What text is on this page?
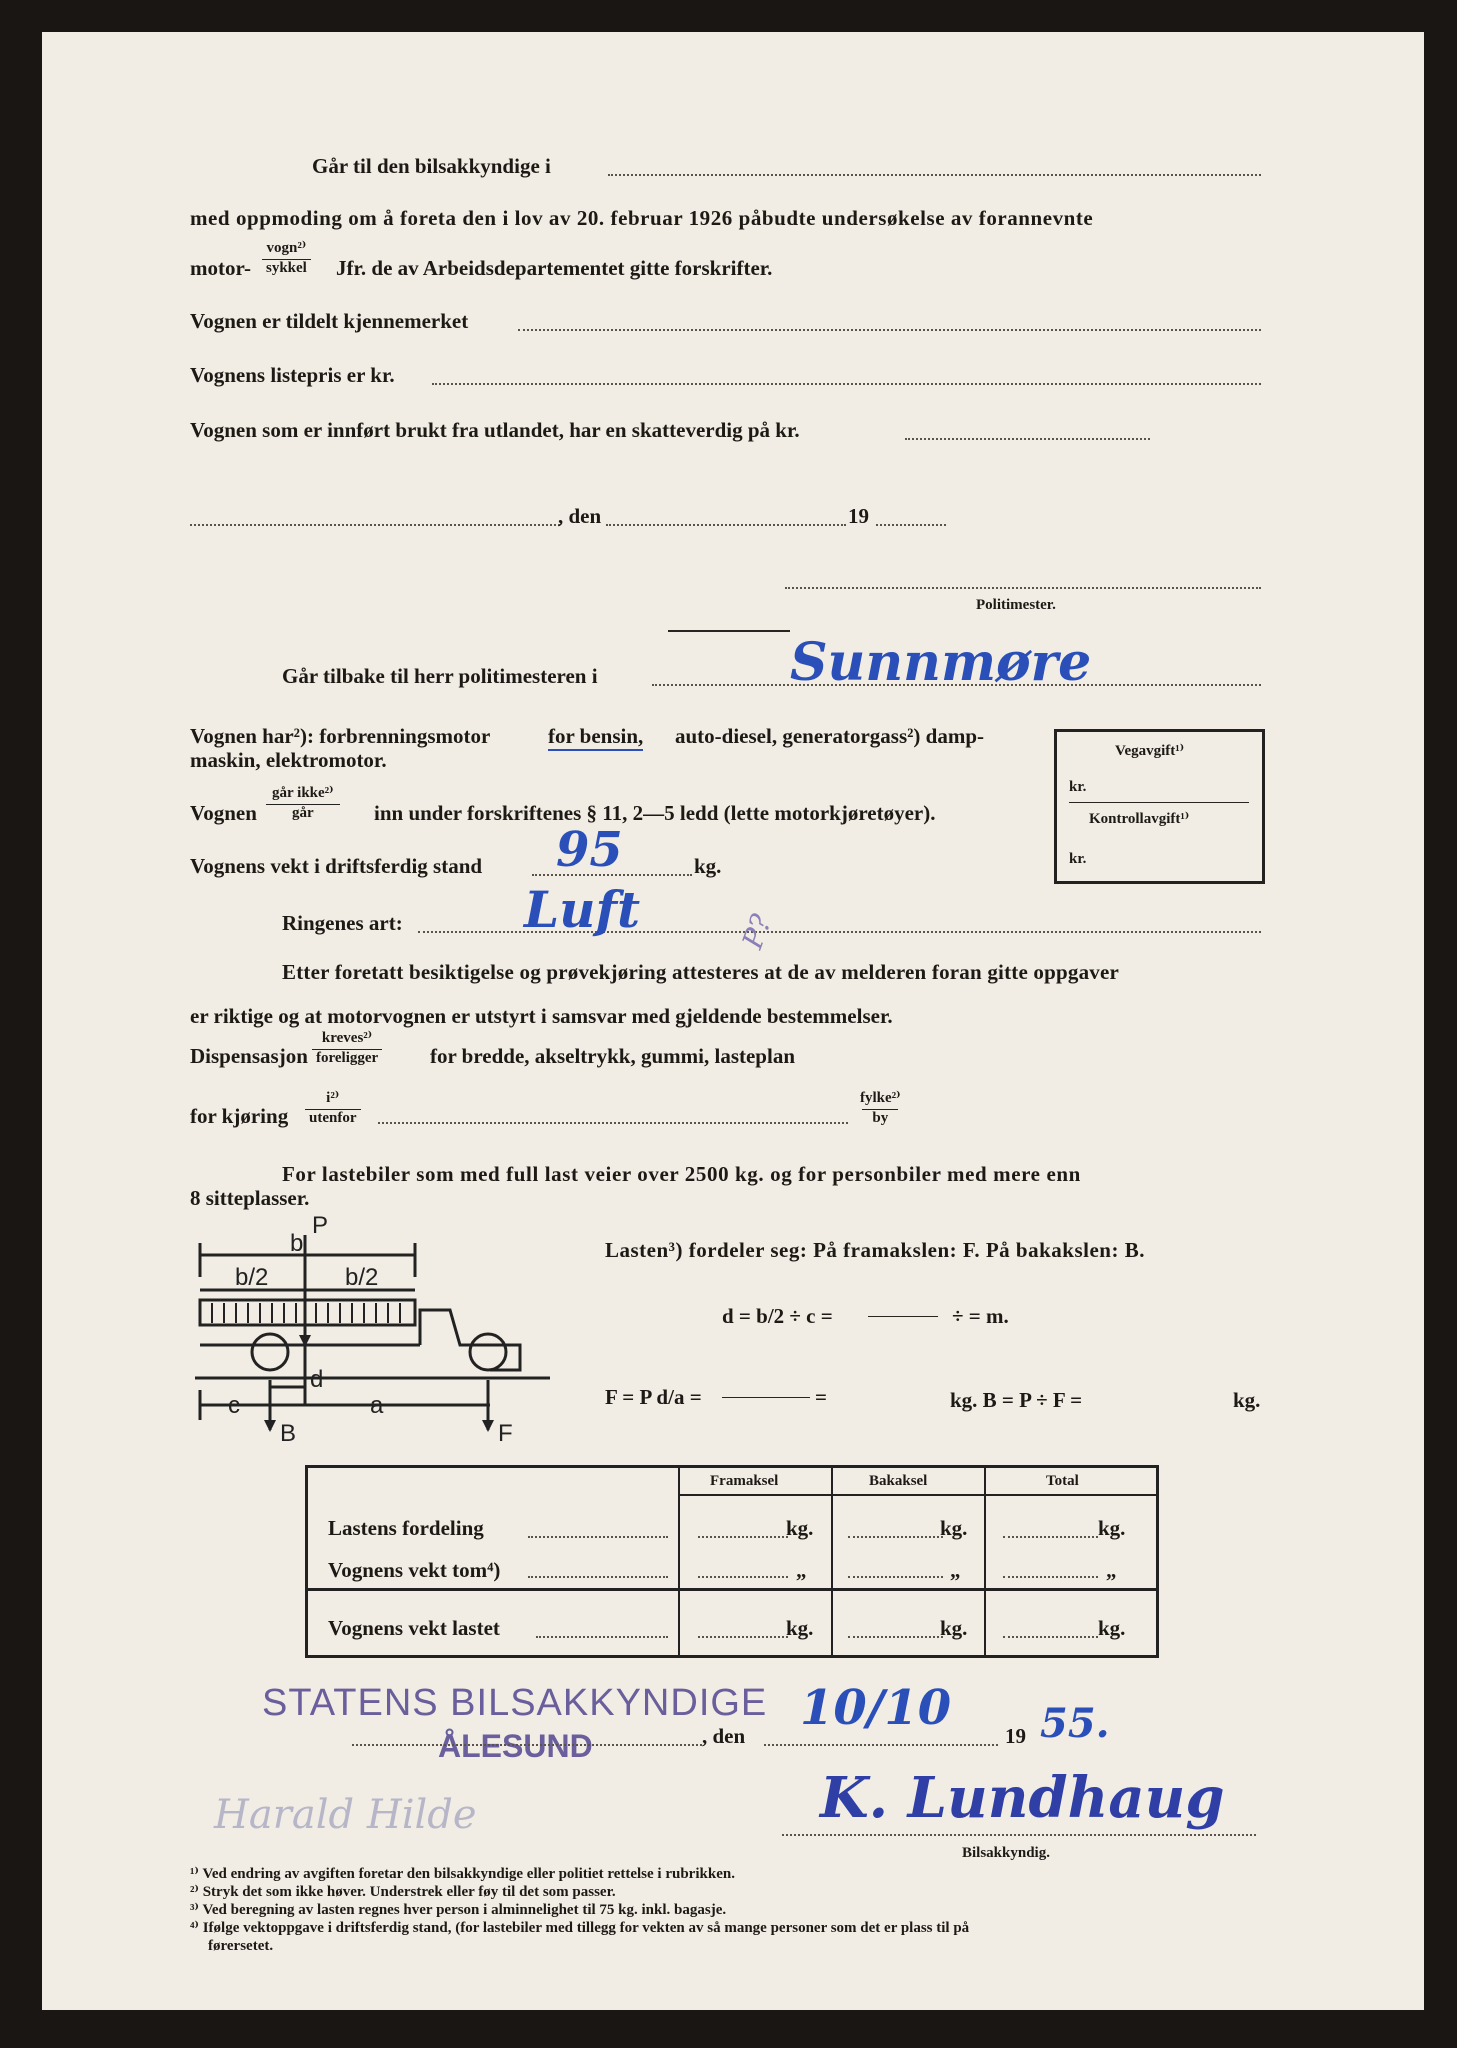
Går til den bilsakkyndige i
med oppmoding om å foreta den i lov av 20. februar 1926 påbudte undersøkelse av forannevnte
motor-
vogn²⁾
sykkel Jfr. de av Arbeidsdepartementet gitte forskrifter.
Vognen er tildelt kjennemerket
Vognens listepris er kr.
Vognen som er innført brukt fra utlandet, har en skatteverdig på kr.
, den	19
Politimester.
Går tilbake til herr politimesteren i	Sunnmøre
Vognen har²): forbrenningsmotor	for bensin, auto-diesel, generatorgass²) damp-
maskin, elektromotor.
Vognen
går ikke²⁾
går	inn under forskriftenes § 11, 2—5 ledd (lette motorkjøretøyer).
Vegavgift¹⁾
kr.
Kontrollavgift¹⁾
kr.
Vognens vekt i driftsferdig stand 95	kg.
Ringenes art: Luft	P?
Etter foretatt besiktigelse og prøvekjøring attesteres at de av melderen foran gitte oppgaver
er riktige og at motorvognen er utstyrt i samsvar med gjeldende bestemmelser.
Dispensasjon
kreves²⁾
foreligger for bredde, akseltrykk, gummi, lasteplan
for kjøring
i²⁾
utenfor
fylke²⁾
by
For lastebiler som med full last veier over 2500 kg. og for personbiler med mere enn
8 sitteplasser.
P
b
b/2	b/2
d
c	a
B	F
Lasten³) fordeler seg: På framakslen: F. På bakakslen: B.
d = b/2 ÷ c =	÷ = m.
F = P d/a =	=	kg. B = P ÷ F =	kg.
Framaksel	Bakaksel	Total
Lastens fordeling	kg.	kg.	kg.
Vognens vekt tom⁴)	„	„	„
Vognens vekt lastet	kg.	kg.	kg.
STATENS BILSAKKYNDIGE
ÅLESUND	, den 10/10	19 55.
Harald Hilde	K. Lundhaug
Bilsakkyndig.
¹⁾ Ved endring av avgiften foretar den bilsakkyndige eller politiet rettelse i rubrikken.
²⁾ Stryk det som ikke høver. Understrek eller føy til det som passer.
³⁾ Ved beregning av lasten regnes hver person i alminnelighet til 75 kg. inkl. bagasje.
⁴⁾ Ifølge vektoppgave i driftsferdig stand, (for lastebiler med tillegg for vekten av så mange personer som det er plass til på
førersetet.
